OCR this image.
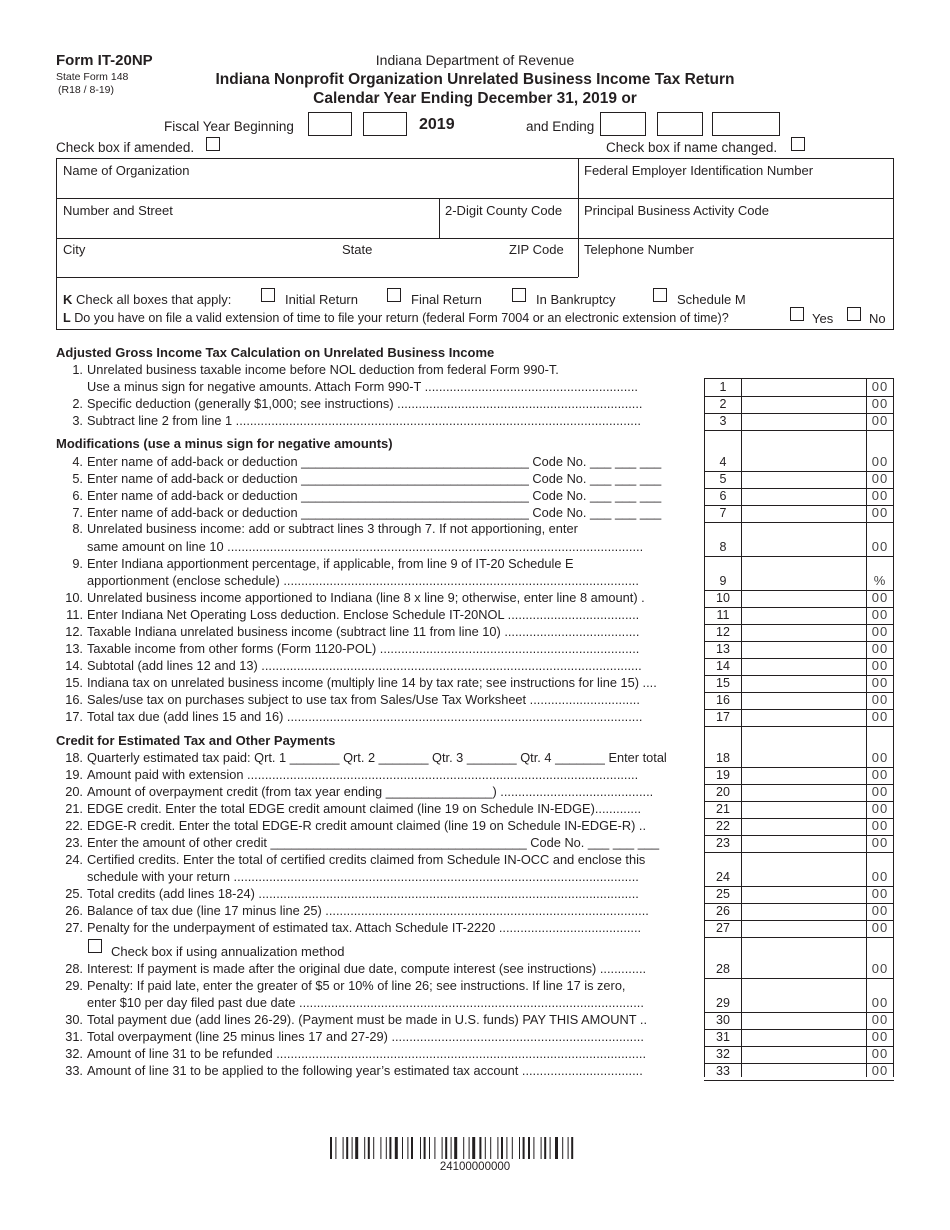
Form IT-20NP
State Form 148
(R18 / 8-19)
Indiana Department of Revenue
Indiana Nonprofit Organization Unrelated Business Income Tax Return
Calendar Year Ending December 31, 2019 or
Fiscal Year Beginning	2019	and Ending
Check box if amended.	Check box if name changed.
Name of Organization	Federal Employer Identification Number
Number and Street	2-Digit County Code Principal Business Activity Code
City	State	ZIP Code Telephone Number
K Check all boxes that apply:	Initial Return	Final Return	In Bankruptcy	Schedule M
L Do you have on file a valid extension of time to file your return (federal Form 7004 or an electronic extension of time)?	Yes	No
Adjusted Gross Income Tax Calculation on Unrelated Business Income
Modifications (use a minus sign for negative amounts)
Credit for Estimated Tax and Other Payments
Check box if using annualization method
1. Unrelated business taxable income before NOL deduction from federal Form 990-T.
Use a minus sign for negative amounts. Attach Form 990-T ............................................................	1	00
2. Specific deduction (generally $1,000; see instructions) .....................................................................	2	00
3. Subtract line 2 from line 1 ..................................................................................................................	3	00
4. Enter name of add-back or deduction ________________________________ Code No. ___ ___ ___	4	00
5. Enter name of add-back or deduction ________________________________ Code No. ___ ___ ___	5	00
6. Enter name of add-back or deduction ________________________________ Code No. ___ ___ ___	6	00
7. Enter name of add-back or deduction ________________________________ Code No. ___ ___ ___	7	00
8. Unrelated business income: add or subtract lines 3 through 7. If not apportioning, enter
same amount on line 10 .....................................................................................................................	8	00
9. Enter Indiana apportionment percentage, if applicable, from line 9 of IT-20 Schedule E
apportionment (enclose schedule) ....................................................................................................	9	%
10. Unrelated business income apportioned to Indiana (line 8 x line 9; otherwise, enter line 8 amount) .	10	00
11. Enter Indiana Net Operating Loss deduction. Enclose Schedule IT-20NOL .....................................	11	00
12. Taxable Indiana unrelated business income (subtract line 11 from line 10) ......................................	12	00
13. Taxable income from other forms (Form 1120-POL) .........................................................................	13	00
14. Subtotal (add lines 12 and 13) ...........................................................................................................	14	00
15. Indiana tax on unrelated business income (multiply line 14 by tax rate; see instructions for line 15) ....	15	00
16. Sales/use tax on purchases subject to use tax from Sales/Use Tax Worksheet ...............................	16	00
17. Total tax due (add lines 15 and 16) ....................................................................................................	17	00
18. Quarterly estimated tax paid: Qrt. 1 _______ Qrt. 2 _______ Qtr. 3 _______ Qtr. 4 _______ Enter total	18	00
19. Amount paid with extension ..............................................................................................................	19	00
20. Amount of overpayment credit (from tax year ending _______________) ...........................................	20	00
21. EDGE credit. Enter the total EDGE credit amount claimed (line 19 on Schedule IN-EDGE).............	21	00
22. EDGE-R credit. Enter the total EDGE-R credit amount claimed (line 19 on Schedule IN-EDGE-R) ..	22	00
23. Enter the amount of other credit ____________________________________ Code No. ___ ___ ___	23	00
24. Certified credits. Enter the total of certified credits claimed from Schedule IN-OCC and enclose this
schedule with your return ..................................................................................................................	24	00
25. Total credits (add lines 18-24) ...........................................................................................................	25	00
26. Balance of tax due (line 17 minus line 25) ...........................................................................................	26	00
27. Penalty for the underpayment of estimated tax. Attach Schedule IT-2220 ........................................	27	00
28. Interest: If payment is made after the original due date, compute interest (see instructions) .............	28	00
29. Penalty: If paid late, enter the greater of $5 or 10% of line 26; see instructions. If line 17 is zero,
enter $10 per day filed past due date .................................................................................................	29	00
30. Total payment due (add lines 26-29). (Payment must be made in U.S. funds) PAY THIS AMOUNT ..	30	00
31. Total overpayment (line 25 minus lines 17 and 27-29) .......................................................................	31	00
32. Amount of line 31 to be refunded ........................................................................................................	32	00
33. Amount of line 31 to be applied to the following year’s estimated tax account ..................................	33	00
24100000000
